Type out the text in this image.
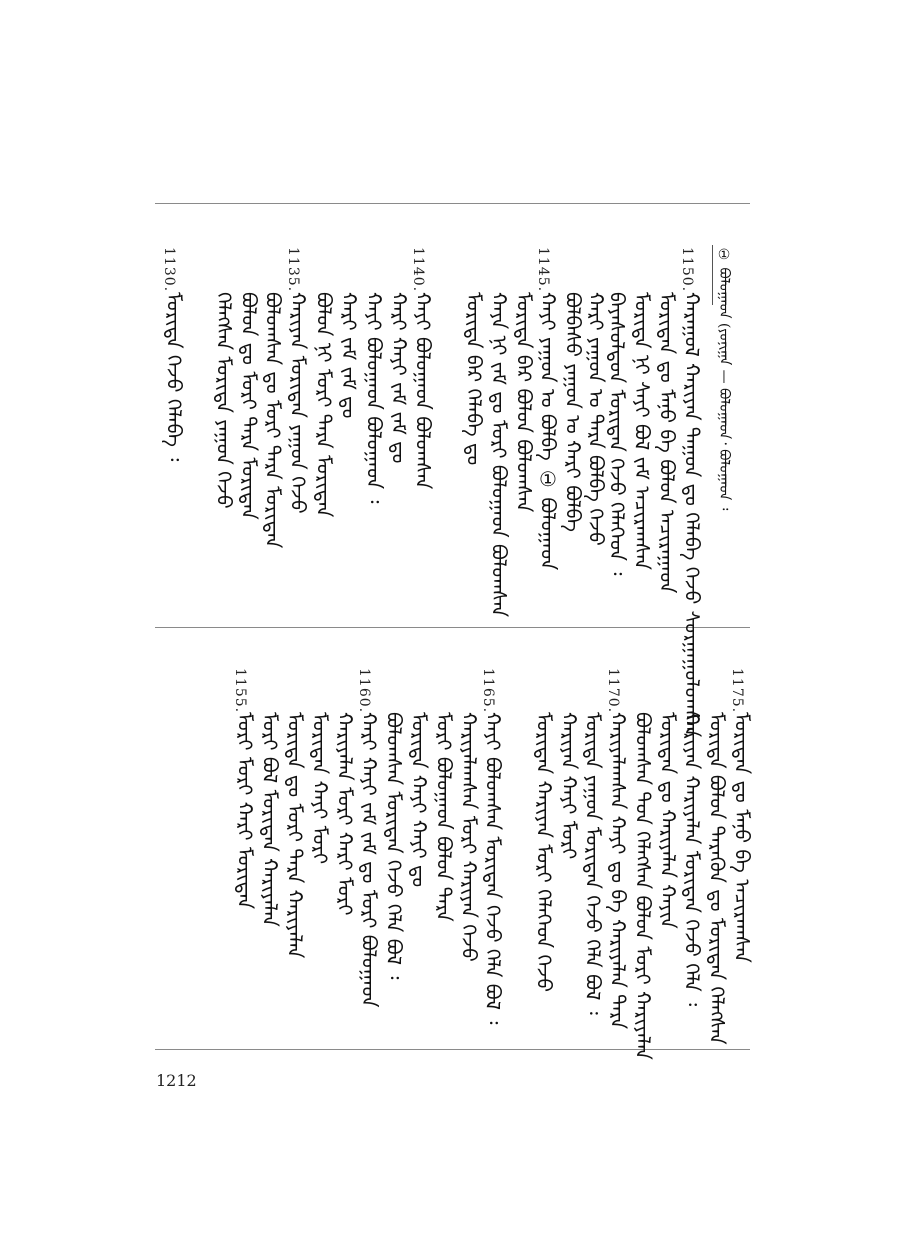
① ᠪᠣᠯᠤᠭᠠᠳ (ᠶᠤᠨᠢᠭᠠ — ᠪᠣᠯᠤᠭᠠᠳ᠂ ᠪᠣᠯᠤᠭᠠᠳ ᠄
1150.
1145.
1140.
1135.
1130.
ᠬᠠᠷᠠᠭᠤᠯ ᠬᠠᠷᠢᠶᠠᠨ ᠳᠠᠭᠤᠨ ᠳᠤ ᠬᠡᠯᠡᠪᠡ ᠭᠡᠵᠦ ᠰᠤᠷᠭᠠᠭᠤᠯᠤᠭᠰᠠᠨ
ᠮᠣᠷᠢᠳᠠᠨ ᠳᠤ ᠮᠠᠨᠤ ᠪᠠ ᠪᠣᠯᠤᠨ ᠠᠴᠢᠷᠠᠭᠠᠳ
ᠮᠣᠷᠢᠳᠠ ᠨᠢ ᠰᠠᠶᠢ ᠪᠣᠯ ᠵᠠᠮ ᠠᠴᠢᠷᠠᠭᠰᠠᠨ
ᠪᠠᠶᠠᠰᠤᠯᠳᠤᠨ ᠮᠣᠷᠢᠳᠠᠨ ᠭᠡᠵᠦ ᠬᠡᠯᠡᠭᠡᠳ ᠄
ᠬᠠᠷᠢ ᠶᠠᠭᠤᠨ ᠤ ᠲᠡᠷᠡ ᠪᠣᠯᠪᠠ ᠭᠡᠵᠦ
ᠪᠣᠯᠪᠠᠰᠤ ᠶᠠᠭᠤᠨ ᠤ ᠬᠠᠷᠢ ᠪᠣᠯᠪᠠ
ᠬᠠᠶᠢ ᠶᠠᠭᠤᠨ ᠤ ᠪᠣᠯᠪᠠ ① ᠪᠣᠯᠤᠭᠠᠳ
ᠮᠣᠷᠢᠳᠠ ᠪᠠᠷ ᠪᠣᠯᠤᠨ ᠪᠣᠯᠤᠭᠰᠠᠨ
ᠬᠠᠶᠠ ᠨᠢ ᠵᠠᠮ ᠳᠤ ᠮᠣᠷᠢ ᠪᠣᠯᠤᠭᠠᠳ ᠪᠣᠯᠤᠭᠰᠠᠨ
ᠮᠣᠷᠢᠳᠠ ᠪᠠᠷ ᠬᠡᠯᠡᠪᠡ ᠳᠤ
ᠬᠠᠶᠢ ᠪᠣᠯᠤᠭᠠᠳ ᠪᠣᠯᠤᠭᠰᠠᠨ
ᠬᠠᠷᠢ ᠬᠠᠶᠢ ᠵᠠᠮ ᠵᠠᠮ ᠳᠤ
ᠬᠠᠶᠢ ᠪᠣᠯᠤᠭᠠᠳ ᠪᠣᠯᠤᠭᠠᠳ ᠄
ᠬᠠᠷᠢ ᠵᠠᠮ ᠵᠠᠮ ᠳᠤ
ᠪᠣᠯᠤᠨ ᠨᠢ ᠮᠣᠷᠢ ᠲᠡᠷᠡ ᠮᠣᠷᠢᠳᠠᠨ
ᠬᠠᠷᠢᠶᠠᠨ ᠮᠣᠷᠢᠳᠠᠨ ᠶᠠᠭᠤᠨ ᠭᠡᠵᠦ
ᠪᠣᠯᠤᠭᠰᠠᠨ ᠳᠤ ᠮᠣᠷᠢ ᠲᠡᠷᠡ ᠮᠣᠷᠢᠳᠠᠨ
ᠪᠣᠯᠤᠨ ᠳᠤ ᠮᠣᠷᠢ ᠲᠡᠷᠡ ᠮᠣᠷᠢᠳᠠᠨ
ᠬᠡᠯᠡᠭᠰᠡᠨ ᠮᠣᠷᠢᠳᠠ ᠶᠠᠭᠤᠨ ᠭᠡᠵᠦ
ᠮᠣᠷᠢᠳᠠ ᠭᠡᠵᠦ ᠬᠡᠯᠡᠪᠡ ᠄
1175.
1170.
1165.
1160.
1155.
ᠮᠣᠷᠢᠳᠠᠨ ᠳᠤ ᠮᠠᠨᠤ ᠪᠠ ᠠᠴᠢᠷᠠᠭᠰᠠᠨ
ᠮᠣᠷᠢᠳᠠ ᠪᠣᠯᠤᠨ ᠲᠡᠷᠡᠭᠦᠨ ᠳᠤ ᠮᠣᠷᠢᠳᠠᠨ ᠬᠡᠯᠡᠭᠰᠡᠨ
ᠬᠠᠷᠢᠶᠠᠨ ᠬᠠᠷᠢᠶᠠᠯᠠᠨ ᠮᠣᠷᠢᠳᠠᠨ ᠭᠡᠵᠦ ᠬᠡᠯᠡ ᠄
ᠮᠣᠷᠢᠳᠠᠨ ᠳᠤ ᠬᠠᠷᠢᠶᠠᠯᠠᠨ ᠬᠠᠶᠢᠨ
ᠪᠣᠯᠤᠭᠰᠠᠨ ᠳᠤᠨ ᠬᠡᠯᠡᠭᠰᠡᠨ ᠪᠣᠯᠤᠨ ᠮᠣᠷᠢ ᠬᠠᠷᠢᠶᠠᠯᠠᠨ
ᠬᠠᠷᠢᠶᠠᠯᠠᠭᠰᠠᠨ ᠬᠠᠶᠢ ᠳᠤ ᠪᠠ ᠬᠠᠷᠢᠶᠠᠯᠠᠨ ᠲᠡᠷᠡ
ᠮᠣᠷᠢᠳᠠ ᠶᠠᠭᠤᠨ ᠮᠣᠷᠢᠳᠠᠨ ᠭᠡᠵᠦ ᠬᠡᠯᠡ ᠪᠣᠯ ᠄
ᠬᠠᠷᠢᠶᠠᠨ ᠬᠠᠶᠢ ᠮᠣᠷᠢ
ᠮᠣᠷᠢᠳᠠᠨ ᠬᠠᠷᠢᠶᠠᠨ ᠮᠣᠷᠢ ᠬᠡᠯᠡᠭᠡᠳ ᠭᠡᠵᠦ
ᠬᠠᠶᠢ ᠪᠣᠯᠤᠭᠰᠠᠨ ᠮᠣᠷᠢᠳᠠᠨ ᠭᠡᠵᠦ ᠬᠡᠯᠡ ᠪᠣᠯ ᠄
ᠬᠠᠷᠢᠶᠠᠯᠠᠭᠰᠠᠨ ᠮᠣᠷᠢ ᠬᠠᠷᠢᠶᠠᠨ ᠭᠡᠵᠦ
ᠮᠣᠷᠢ ᠪᠣᠯᠤᠭᠠᠳ ᠪᠣᠯᠤᠨ ᠲᠡᠷᠡ
ᠮᠣᠷᠢᠳᠠ ᠬᠠᠶᠢ ᠬᠠᠶᠢ ᠳᠤ
ᠪᠣᠯᠤᠭᠰᠠᠨ ᠮᠣᠷᠢᠳᠠᠨ ᠭᠡᠵᠦ ᠬᠡᠯᠡ ᠪᠣᠯ ᠄
ᠬᠠᠷᠢ ᠬᠠᠶᠢ ᠵᠠᠮ ᠵᠠᠮ ᠳᠤ ᠮᠣᠷᠢ ᠪᠣᠯᠤᠭᠠᠳ
ᠬᠠᠷᠢᠶᠠᠯᠠᠨ ᠮᠣᠷᠢ ᠬᠠᠷᠢ ᠮᠣᠷᠢ
ᠮᠣᠷᠢᠳᠠᠨ ᠬᠠᠶᠢ ᠮᠣᠷᠢ
ᠮᠣᠷᠢᠳᠠ ᠳᠤ ᠮᠣᠷᠢ ᠲᠡᠷᠡ ᠬᠠᠷᠢᠶᠠᠯᠠᠨ
ᠮᠣᠷᠢ ᠪᠣᠯ ᠮᠣᠷᠢᠳᠠᠨ ᠬᠠᠷᠢᠶᠠᠯᠠᠨ
ᠮᠣᠷᠢ ᠮᠣᠷᠢ ᠬᠠᠷᠢ ᠮᠣᠷᠢᠳᠠᠨ
1212
